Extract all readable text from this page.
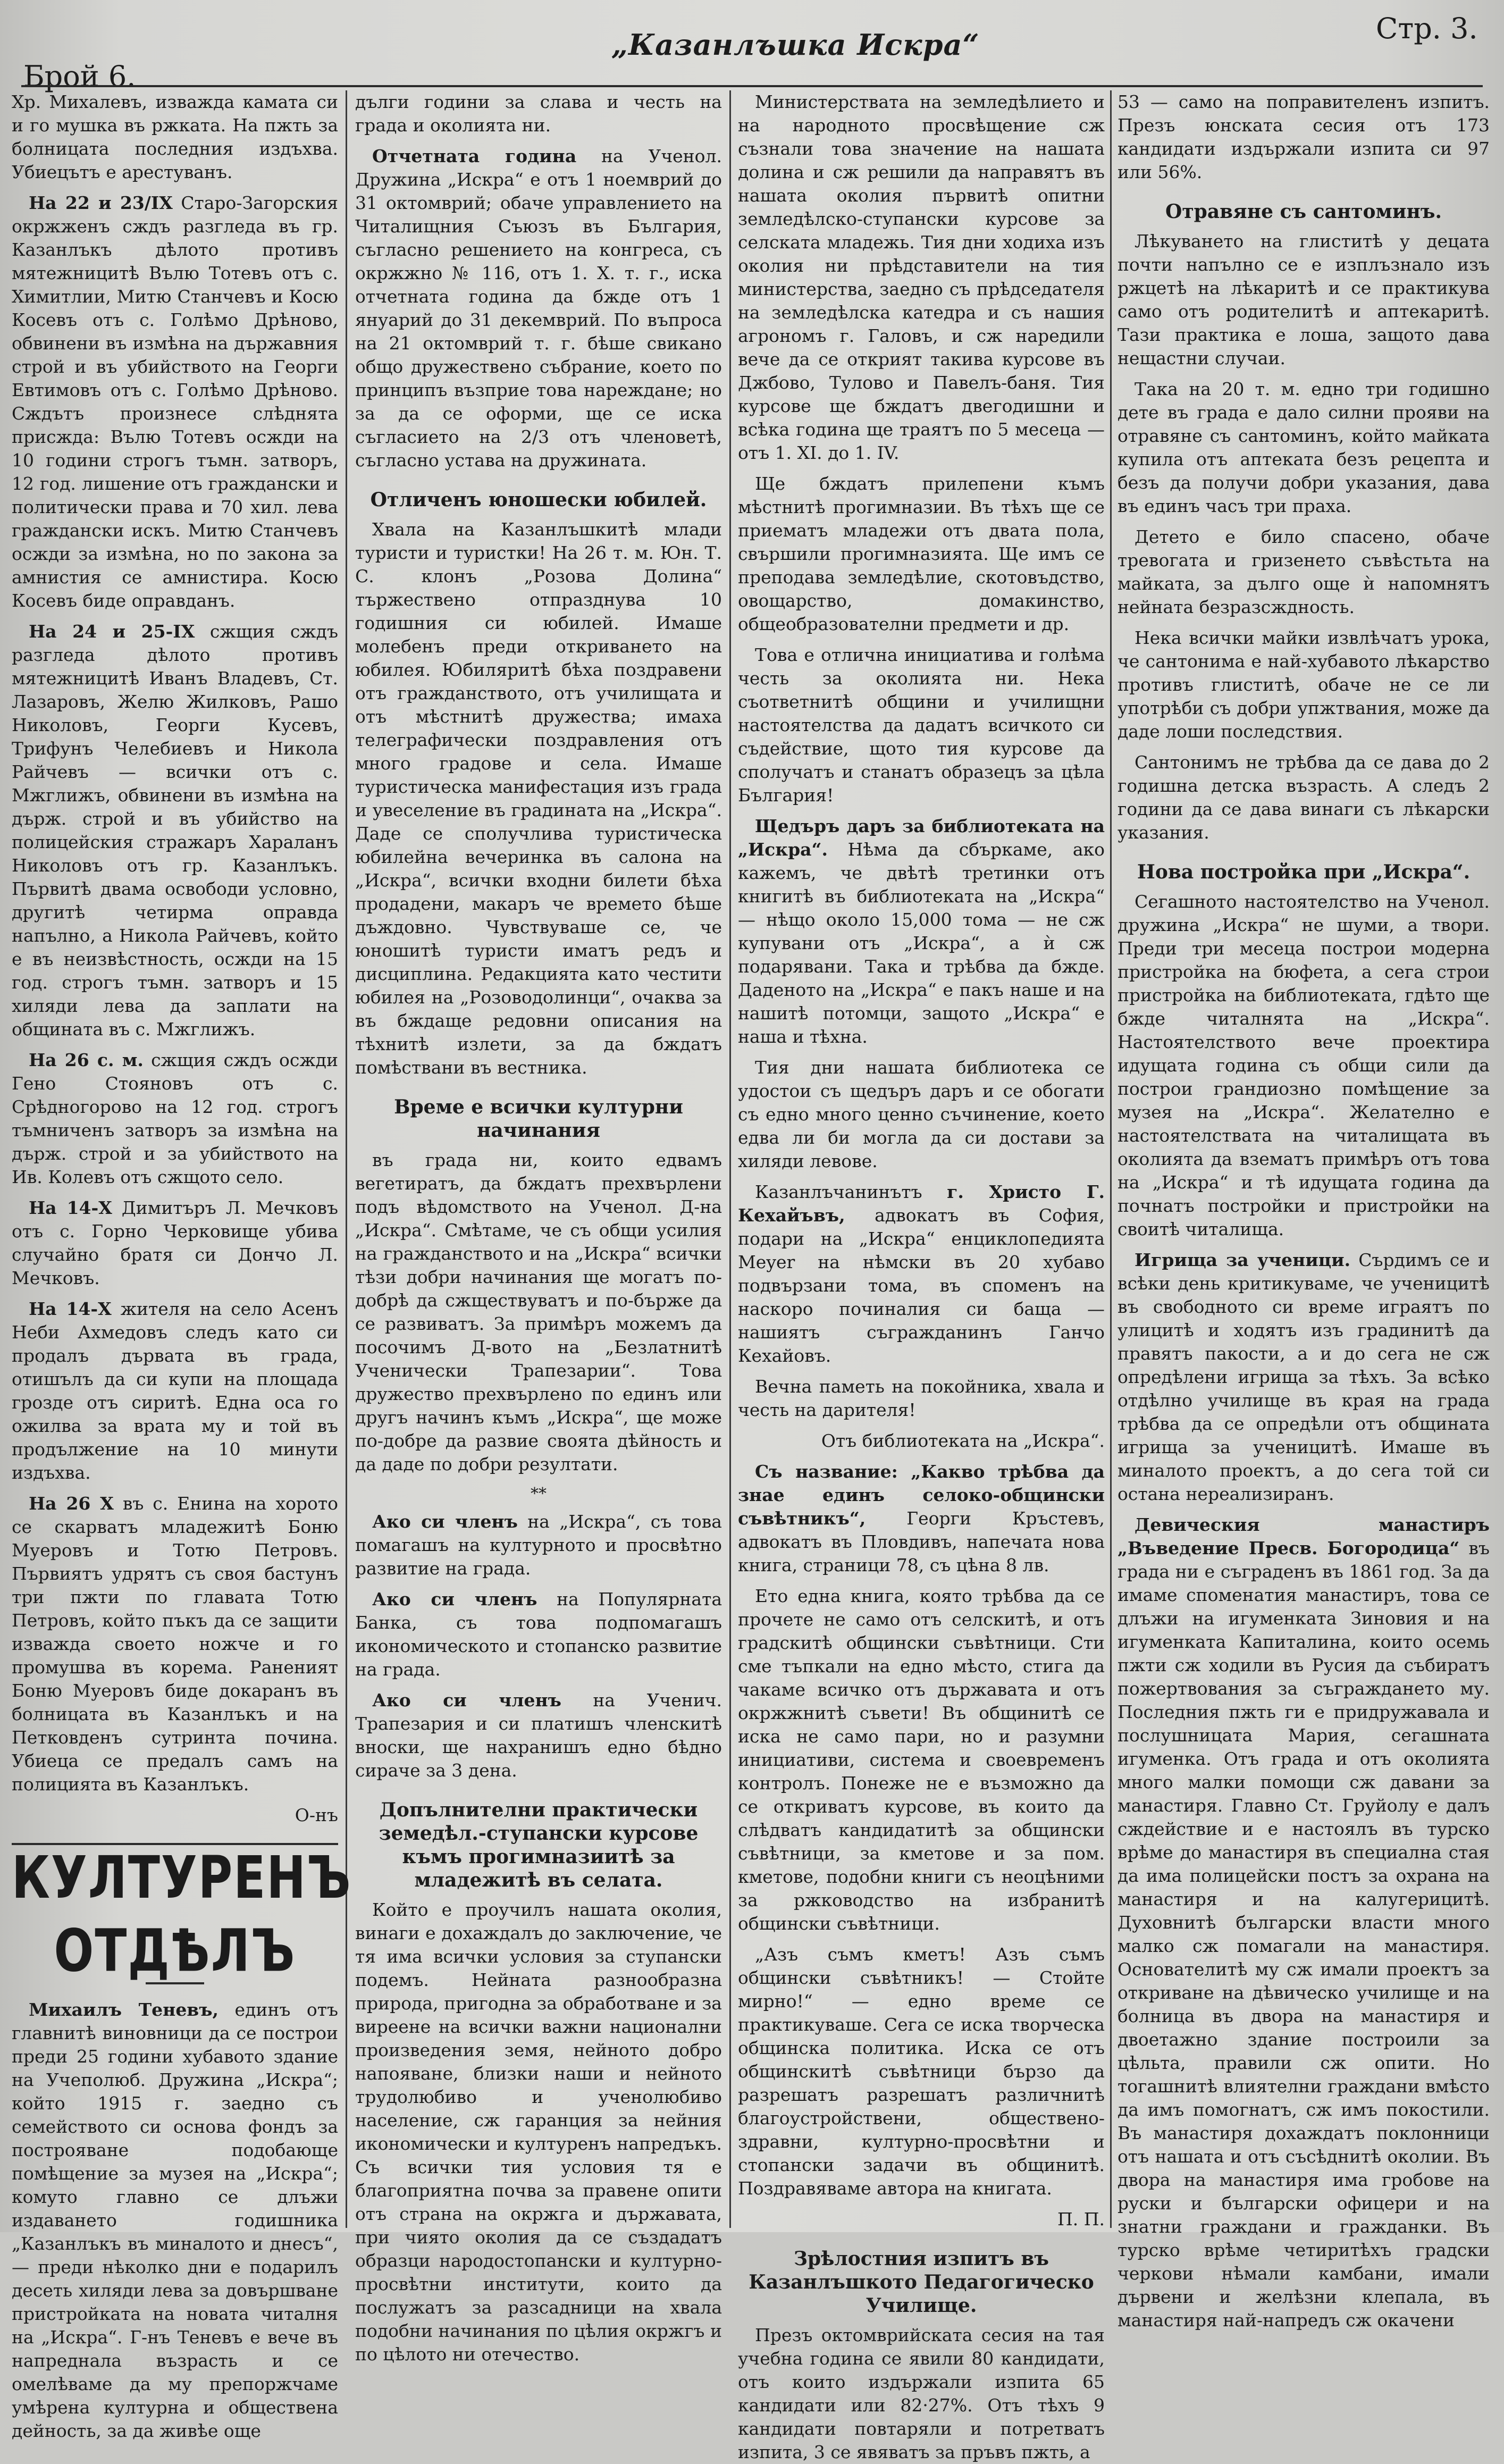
„Казанлъшка Искра“	Стр. 3.
Брой 6.

Хр. Михалевъ, изважда камата си и го мушка въ ржката. На пжть за болницата последния издъхва. Убиецътъ е арестуванъ.

На 22 и 23/IX Старо-Загорския окржженъ сждъ разгледа въ гр. Казанлъкъ дѣлото противъ мятежницитѣ Вълю Тотевъ отъ с. Химитлии, Митю Станчевъ и Косю Косевъ отъ с. Голѣмо Дрѣново, обвинени въ измѣна на държавния строй и въ убийството на Георги Евтимовъ отъ с. Голѣмо Дрѣново. Сждътъ произнесе слѣднята присжда: Вълю Тотевъ осжди на 10 години строгъ тъмн. затворъ, 12 год. лишение отъ граждански и политически права и 70 хил. лева граждански искъ. Митю Станчевъ осжди за измѣна, но по закона за амнистия се амнистира. Косю Косевъ биде оправданъ.

На 24 и 25-IX сжщия сждъ разгледа дѣлото противъ мятежницитѣ Иванъ Владевъ, Ст. Лазаровъ, Желю Жилковъ, Рашо Николовъ, Георги Кусевъ, Трифунъ Челебиевъ и Никола Райчевъ — всички отъ с. Мжглижъ, обвинени въ измѣна на държ. строй и въ убийство на полицейския стражаръ Хараланъ Николовъ отъ гр. Казанлъкъ. Първитѣ двама освободи условно, другитѣ четирма оправда напълно, а Никола Райчевъ, който е въ неизвѣстность, осжди на 15 год. строгъ тъмн. затворъ и 15 хиляди лева да заплати на общината въ с. Мжглижъ.

На 26 с. м. сжщия сждъ осжди Гено Стояновъ отъ с. Срѣдногорово на 12 год. строгъ тъмниченъ затворъ за измѣна на държ. строй и за убийството на Ив. Колевъ отъ сжщото село.

На 14-X Димитъръ Л. Мечковъ отъ с. Горно Черковище убива случайно братя си Дончо Л. Мечковъ.

На 14-X жителя на село Асенъ Неби Ахмедовъ следъ като си продалъ дървата въ града, отишълъ да си купи на площада грозде отъ сиритѣ. Една оса го ожилва за врата му и той въ продължение на 10 минути издъхва.

На 26 X въ с. Енина на хорото се скарватъ младежитѣ Боню Муеровъ и Тотю Петровъ. Първиятъ удрятъ съ своя бастунъ три пжти по главата Тотю Петровъ, който пъкъ да се защити изважда своето ножче и го промушва въ корема. Раненият Боню Муеровъ биде докаранъ въ болницата въ Казанлъкъ и на Петковденъ сутринта почина. Убиеца се предалъ самъ на полицията въ Казанлъкъ.

О-нъ

КУЛТУРЕНЪ ОТДѢЛЪ

Михаилъ Теневъ, единъ отъ главнитѣ виновници да се построи преди 25 години хубавото здание на Учеполюб. Дружина „Искра“; който 1915 г. заедно съ семейството си основа фондъ за построяване подобающе помѣщение за музея на „Искра“; комуто главно се длъжи издаването годишника „Казанлъкъ въ миналото и днесъ“, — преди нѣколко дни е подарилъ десеть хиляди лева за довършване пристройката на новата читалня на „Искра“. Г-нъ Теневъ е вече въ напреднала възрасть и се омелѣваме да му препоржчаме умѣрена културна и обществена дейность, за да живѣе още

дълги години за слава и честь на града и околията ни.

Отчетната година на Ученол. Дружина „Искра“ е отъ 1 ноемврий до 31 октомврий; обаче управлението на Читалищния Съюзъ въ България, съгласно решението на конгреса, съ окржжно № 116, отъ 1. X. т. г., иска отчетната година да бжде отъ 1 януарий до 31 декемврий. По въпроса на 21 октомврий т. г. бѣше свикано общо дружествено събрание, което по принципъ възприе това нареждане; но за да се оформи, ще се иска съгласието на 2/3 отъ членоветѣ, съгласно устава на дружината.

Отличенъ юношески юбилей.

Хвала на Казанлъшкитѣ млади туристи и туристки! На 26 т. м. Юн. Т. С. клонъ „Розова Долина“ тържествено отпразднува 10 годишния си юбилей. Имаше молебенъ преди откриването на юбилея. Юбиляритѣ бѣха поздравени отъ гражданството, отъ училищата и отъ мѣстнитѣ дружества; имаха телеграфически поздравления отъ много градове и села. Имаше туристическа манифестация изъ града и увеселение въ градината на „Искра“. Даде се сполучлива туристическа юбилейна вечеринка въ салона на „Искра“, всички входни билети бѣха продадени, макаръ че времето бѣше дъждовно. Чувствуваше се, че юношитѣ туристи иматъ редъ и дисциплина. Редакцията като честити юбилея на „Розоводолинци“, очаква за въ бждаще редовни описания на тѣхнитѣ излети, за да бждатъ помѣствани въ вестника.

Време е всички културни начинания

въ града ни, които едвамъ вегетиратъ, да бждатъ прехвърлени подъ вѣдомството на Ученол. Д-на „Искра“. Смѣтаме, че съ общи усилия на гражданството и на „Искра“ всички тѣзи добри начинания ще могатъ по-добрѣ да сжществуватъ и по-бърже да се развиватъ. За примѣръ можемъ да посочимъ Д-вото на „Безлатнитѣ Ученически Трапезарии“. Това дружество прехвърлено по единъ или другъ начинъ къмъ „Искра“, ще може по-добре да развие своята дѣйность и да даде по добри резултати.

**

Ако си членъ на „Искра“, съ това помагашъ на културното и просвѣтно развитие на града.

Ако си членъ на Популярната Банка, съ това подпомагашъ икономическото и стопанско развитие на града.

Ако си членъ на Ученич. Трапезария и си платишъ членскитѣ вноски, ще нахранишъ едно бѣдно сираче за 3 дена.

Допълнителни практически земедѣл.-ступански курсове къмъ прогимназиитѣ за младежитѣ въ селата.

Който е проучилъ нашата околия, винаги е дохаждалъ до заключение, че тя има всички условия за ступански подемъ. Нейната разнообразна природа, пригодна за обработване и за виреене на всички важни национални произведения земя, нейното добро напояване, близки наши и нейното трудолюбиво и ученолюбиво население, сж гаранция за нейния икономически и културенъ напредъкъ. Съ всички тия условия тя е благоприятна почва за правене опити отъ страна на окржга и държавата, при чиято околия да се създадатъ образци народостопански и културно-просвѣтни институти, които да послужатъ за разсадници на хвала подобни начинания по цѣлия окржгъ и по цѣлото ни отечество.

Министерствата на земледѣлието и на народното просвѣщение сж съзнали това значение на нашата долина и сж решили да направятъ въ нашата околия първитѣ опитни земледѣлско-ступански курсове за селската младежь. Тия дни ходиха изъ околия ни прѣдставители на тия министерства, заедно съ прѣдседателя на земледѣлска катедра и съ нашия агрономъ г. Галовъ, и сж наредили вече да се открият такива курсове въ Джбово, Тулово и Павелъ-баня. Тия курсове ще бждатъ двегодишни и всѣка година ще траятъ по 5 месеца — отъ 1. XI. до 1. IV.

Ще бждатъ прилепени къмъ мѣстнитѣ прогимназии. Въ тѣхъ ще се приематъ младежи отъ двата пола, свършили прогимназията. Ще имъ се преподава земледѣлие, скотовъдство, овощарство, домакинство, общеобразователни предмети и др.

Това е отлична инициатива и голѣма честь за околията ни. Нека съответнитѣ общини и училищни настоятелства да дадатъ всичкото си съдействие, щото тия курсове да сполучатъ и станатъ образецъ за цѣла България!

Щедъръ даръ за библиотеката на „Искра“. Нѣма да сбъркаме, ако кажемъ, че двѣтѣ третинки отъ книгитѣ въ библиотеката на „Искра“ — нѣщо около 15,000 тома — не сж купувани отъ „Искра“, а ѝ сж подарявани. Така и трѣбва да бжде. Даденото на „Искра“ е пакъ наше и на нашитѣ потомци, защото „Искра“ е наша и тѣхна.

Тия дни нашата библиотека се удостои съ щедъръ даръ и се обогати съ едно много ценно съчинение, което едва ли би могла да си достави за хиляди левове.

Казанлъчанинътъ г. Христо Г. Кехайъвъ, адвокатъ въ София, подари на „Искра“ енциклопедията Meyer на нѣмски въ 20 хубаво подвързани тома, въ споменъ на наскоро починалия си баща — нашиятъ съгражданинъ Ганчо Кехайовъ.

Вечна паметь на покойника, хвала и честь на дарителя!

Отъ библиотеката на „Искра“.

Съ название: „Какво трѣбва да знае единъ селоко-общински съвѣтникъ“, Георги Кръстевъ, адвокатъ въ Пловдивъ, напечата нова книга, страници 78, съ цѣна 8 лв.

Ето една книга, която трѣбва да се прочете не само отъ селскитѣ, и отъ градскитѣ общински съвѣтници. Сти сме тъпкали на едно мѣсто, стига да чакаме всичко отъ държавата и отъ окржжнитѣ съвети! Въ общинитѣ се иска не само пари, но и разумни инициативи, система и своевременъ контролъ. Понеже не е възможно да се откриватъ курсове, въ които да слѣдватъ кандидатитѣ за общински съвѣтници, за кметове и за пом. кметове, подобни книги съ неоцѣними за ржководство на избранитѣ общински съвѣтници.

„Азъ съмъ кметъ! Азъ съмъ общински съвѣтникъ! — Стойте мирно!“ — едно време се практикуваше. Сега се иска творческа общинска политика. Иска се отъ общинскитѣ съвѣтници бързо да разрешатъ разрешатъ различнитѣ благоустройствени, обществено-здравни, културно-просвѣтни и стопански задачи въ общинитѣ. Поздравяваме автора на книгата.

П. П.

Зрѣлостния изпитъ въ Казанлъшкото Педагогическо Училище.

Презъ октомврийската сесия на тая учебна година се явили 80 кандидати, отъ които издържали изпита 65 кандидати или 82·27%. Отъ тѣхъ 9 кандидати повтаряли и потретватъ изпита, 3 се явяватъ за пръвъ пжть, а

53 — само на поправителенъ изпитъ. Презъ юнската сесия отъ 173 кандидати издържали изпита си 97 или 56%.

Отравяне съ сантоминъ.

Лѣкуването на глиститѣ у децата почти напълно се е изплъзнало изъ ржцетѣ на лѣкаритѣ и се практикува само отъ родителитѣ и аптекаритѣ. Тази практика е лоша, защото дава нещастни случаи.

Така на 20 т. м. едно три годишно дете въ града е дало силни прояви на отравяне съ сантоминъ, който майката купила отъ аптеката безъ рецепта и безъ да получи добри указания, дава въ единъ часъ три праха.

Детето е било спасено, обаче тревогата и гризенето съвѣстьта на майката, за дълго още ѝ напомнятъ нейната безразсждность.

Нека всички майки извлѣчатъ урока, че сантонима е най-хубавото лѣкарство противъ глиститѣ, обаче не се ли употрѣби съ добри упжтвания, може да даде лоши последствия.

Сантонимъ не трѣбва да се дава до 2 годишна детска възрасть. А следъ 2 години да се дава винаги съ лѣкарски указания.

Нова постройка при „Искра“.

Сегашното настоятелство на Ученол. дружина „Искра“ не шуми, а твори. Преди три месеца построи модерна пристройка на бюфета, а сега строи пристройка на библиотеката, гдѣто ще бжде читалнята на „Искра“. Настоятелството вече проектира идущата година съ общи сили да построи грандиозно помѣщение за музея на „Искра“. Желателно е настоятелствата на читалищата въ околията да взематъ примѣръ отъ това на „Искра“ и тѣ идущата година да почнатъ постройки и пристройки на своитѣ читалища.

Игрища за ученици. Сърдимъ се и всѣки день критикуваме, че ученицитѣ въ свободното си време играятъ по улицитѣ и ходятъ изъ градинитѣ да правятъ пакости, а и до сега не сж опредѣлени игрища за тѣхъ. За всѣко отдѣлно училище въ края на града трѣбва да се опредѣли отъ общината игрища за ученицитѣ. Имаше въ миналото проектъ, а до сега той си остана нереализиранъ.

Девическия манастиръ „Въведение Пресв. Богородица“ въ града ни е съграденъ въ 1861 год. За да имаме споменатия манастиръ, това се длъжи на игуменката Зиновия и на игуменката Капиталина, които осемь пжти сж ходили въ Русия да събиратъ пожертвования за съграждането му. Последния пжть ги е придружавала и послушницата Мария, сегашната игуменка. Отъ града и отъ околията много малки помощи сж давани за манастиря. Главно Ст. Груйолу е далъ сждействие и е настоялъ въ турско врѣме до манастиря въ специална стая да има полицейски постъ за охрана на манастиря и на калугерицитѣ. Духовнитѣ български власти много малко сж помагали на манастиря. Основателитѣ му сж имали проектъ за откриване на дѣвическо училище и на болница въ двора на манастиря и двоетажно здание построили за цѣльта, правили сж опити. Но тогашнитѣ влиятелни граждани вмѣсто да имъ помогнатъ, сж имъ покостили. Въ манастиря дохаждатъ поклонници отъ нашата и отъ съсѣднитѣ околии. Въ двора на манастиря има гробове на руски и български офицери и на знатни граждани и гражданки. Въ турско врѣме четиритѣхъ градски черкови нѣмали камбани, имали дървени и желѣзни клепала, въ манастиря най-напредъ сж окачени
